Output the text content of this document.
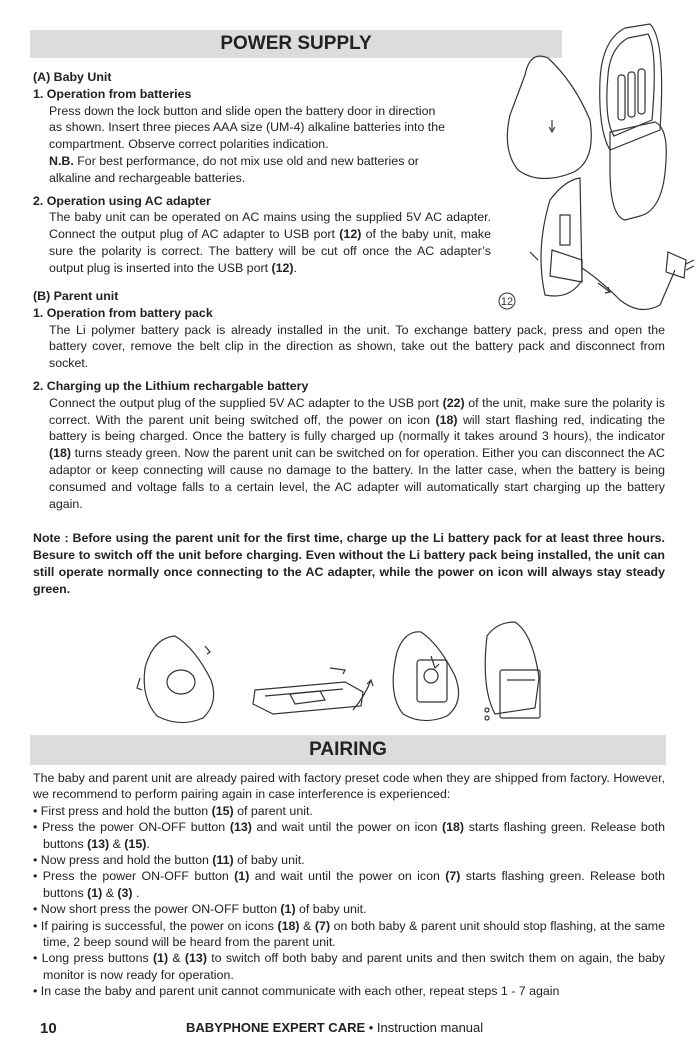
POWER SUPPLY
(A) Baby Unit
1. Operation from batteries
Press down the lock button and slide open the battery door in direction
as shown. Insert three pieces AAA size (UM-4) alkaline batteries into the
compartment. Observe correct polarities indication.
N.B. For best performance, do not mix use old and new batteries or
alkaline and rechargeable batteries.
2. Operation using AC adapter
The baby unit can be operated on AC mains using the supplied 5V AC adapter. Connect the output plug of AC adapter to USB port (12) of the baby unit, make sure the polarity is correct. The battery will be cut off once the AC adapter’s output plug is inserted into the USB port (12).
(B) Parent unit
1. Operation from battery pack
The Li polymer battery pack is already installed in the unit. To exchange battery pack, press and open the battery cover, remove the belt clip in the direction as shown, take out the battery pack and disconnect from socket.
2. Charging up the Lithium rechargable battery
Connect the output plug of the supplied 5V AC adapter to the USB port (22) of the unit, make sure the polarity is correct. With the parent unit being switched off, the power on icon (18) will start flashing red, indicating the battery is being charged. Once the battery is fully charged up (normally it takes around 3 hours), the indicator (18) turns steady green. Now the parent unit can be switched on for operation. Either you can disconnect the AC adaptor or keep connecting will cause no damage to the battery. In the latter case, when the battery is being consumed and voltage falls to a certain level, the AC adapter will automatically start charging up the battery again.
Note : Before using the parent unit for the first time, charge up the Li battery pack for at least three hours. Besure to switch off the unit before charging. Even without the Li battery pack being installed, the unit can still operate normally once connecting to the AC adapter, while the power on icon will always stay steady green.
12
PAIRING
The baby and parent unit are already paired with factory preset code when they are shipped from factory. However, we recommend to perform pairing again in case interference is experienced:
• First press and hold the button (15) of parent unit.
• Press the power ON-OFF button (13) and wait until the power on icon (18) starts flashing green. Release both buttons (13) & (15).
• Now press and hold the button (11) of baby unit.
• Press the power ON-OFF button (1) and wait until the power on icon (7) starts flashing green. Release both buttons (1) & (3) .
• Now short press the power ON-OFF button (1) of baby unit.
• If pairing is successful, the power on icons (18) & (7) on both baby & parent unit should stop flashing, at the same time, 2 beep sound will be heard from the parent unit.
• Long press buttons (1) & (13) to switch off both baby and parent units and then switch them on again, the baby monitor is now ready for operation.
• In case the baby and parent unit cannot communicate with each other, repeat steps 1 - 7 again
10	BABYPHONE EXPERT CARE • Instruction manual
